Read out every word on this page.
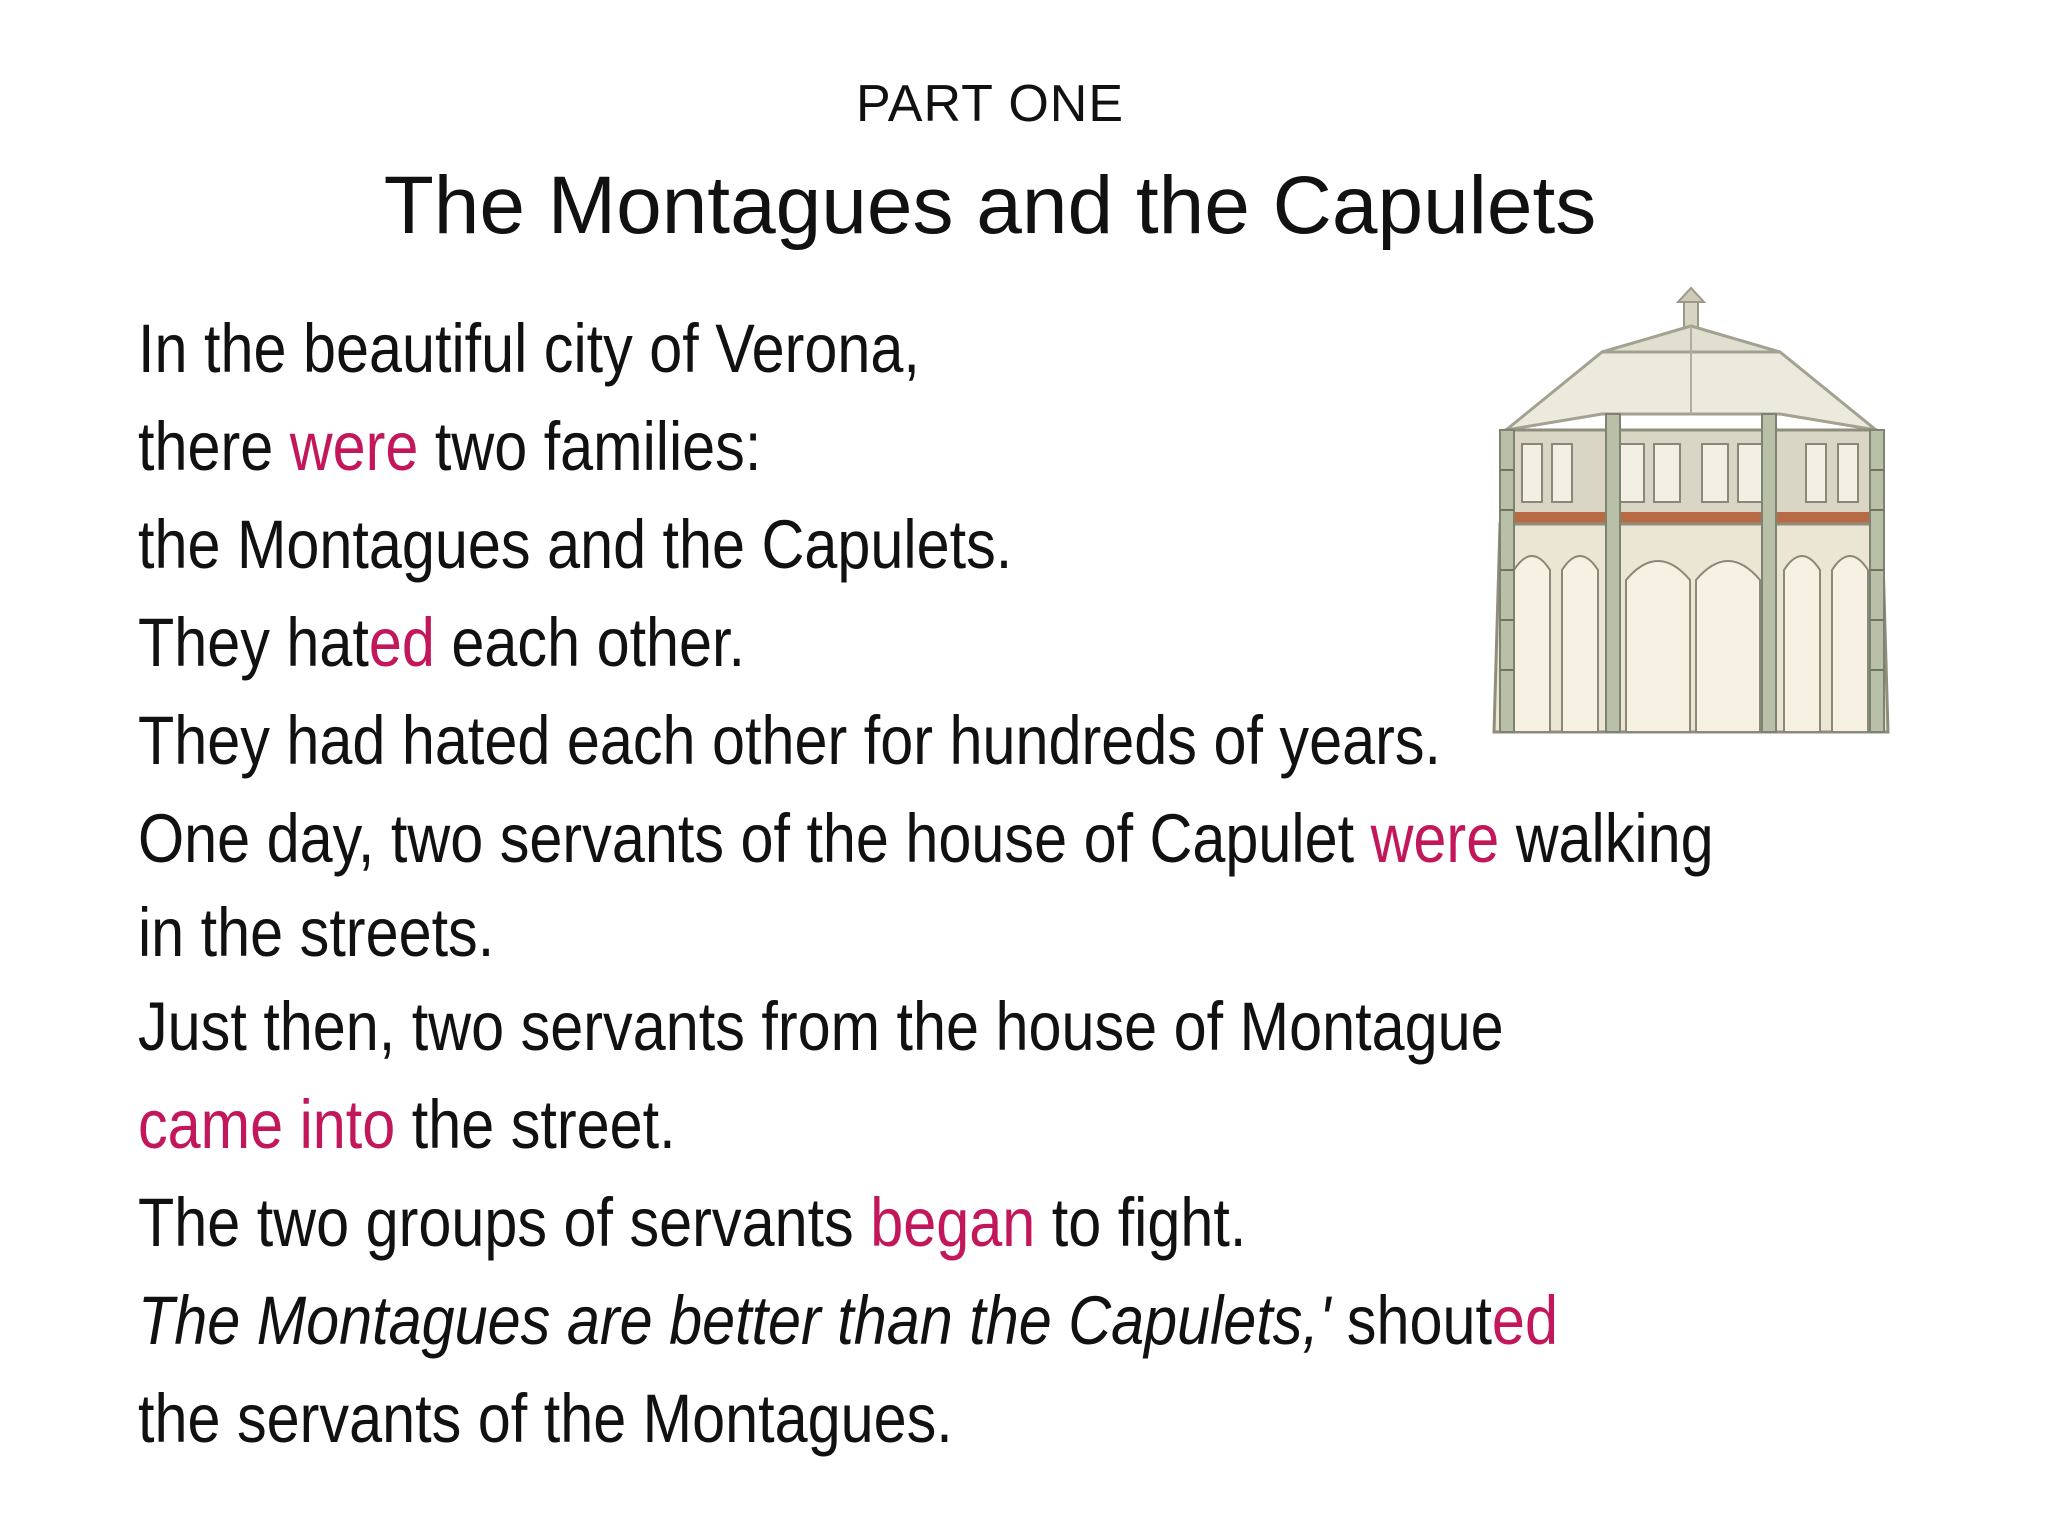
PART ONE
The Montagues and the Capulets
In the beautiful city of Verona,
there were two families:
the Montagues and the Capulets.
They hated each other.
They had hated each other for hundreds of years.
One day, two servants of the house of Capulet were walking
in the streets.
Just then, two servants from the house of Montague
came into the street.
The two groups of servants began to fight.
The Montagues are better than the Capulets,' shouted
the servants of the Montagues.
